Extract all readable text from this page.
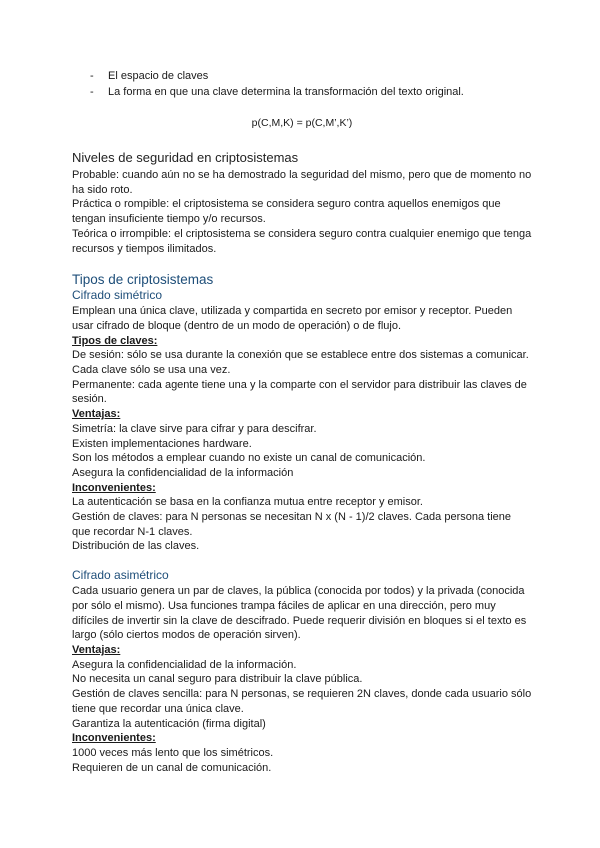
- El espacio de claves
- La forma en que una clave determina la transformación del texto original.
p(C,M,K) = p(C,M’,K’)
Niveles de seguridad en criptosistemas

Probable: cuando aún no se ha demostrado la seguridad del mismo, pero que de momento no ha sido roto.

Práctica o rompible: el criptosistema se considera seguro contra aquellos enemigos que tengan insuficiente tiempo y/o recursos.

Teórica o irrompible: el criptosistema se considera seguro contra cualquier enemigo que tenga recursos y tiempos ilimitados.

Tipos de criptosistemas
Cifrado simétrico

Emplean una única clave, utilizada y compartida en secreto por emisor y receptor. Pueden usar cifrado de bloque (dentro de un modo de operación) o de flujo.

Tipos de claves:

De sesión: sólo se usa durante la conexión que se establece entre dos sistemas a comunicar. Cada clave sólo se usa una vez.

Permanente: cada agente tiene una y la comparte con el servidor para distribuir las claves de sesión.

Ventajas:

Simetría: la clave sirve para cifrar y para descifrar.

Existen implementaciones hardware.

Son los métodos a emplear cuando no existe un canal de comunicación.

Asegura la confidencialidad de la información

Inconvenientes:

La autenticación se basa en la confianza mutua entre receptor y emisor.

Gestión de claves: para N personas se necesitan N x (N - 1)/2 claves. Cada persona tiene que recordar N-1 claves.

Distribución de las claves.

Cifrado asimétrico

Cada usuario genera un par de claves, la pública (conocida por todos) y la privada (conocida por sólo el mismo). Usa funciones trampa fáciles de aplicar en una dirección, pero muy difíciles de invertir sin la clave de descifrado. Puede requerir división en bloques si el texto es largo (sólo ciertos modos de operación sirven).

Ventajas:

Asegura la confidencialidad de la información.

No necesita un canal seguro para distribuir la clave pública.

Gestión de claves sencilla: para N personas, se requieren 2N claves, donde cada usuario sólo tiene que recordar una única clave.

Garantiza la autenticación (firma digital)

Inconvenientes:

1000 veces más lento que los simétricos.

Requieren de un canal de comunicación.
